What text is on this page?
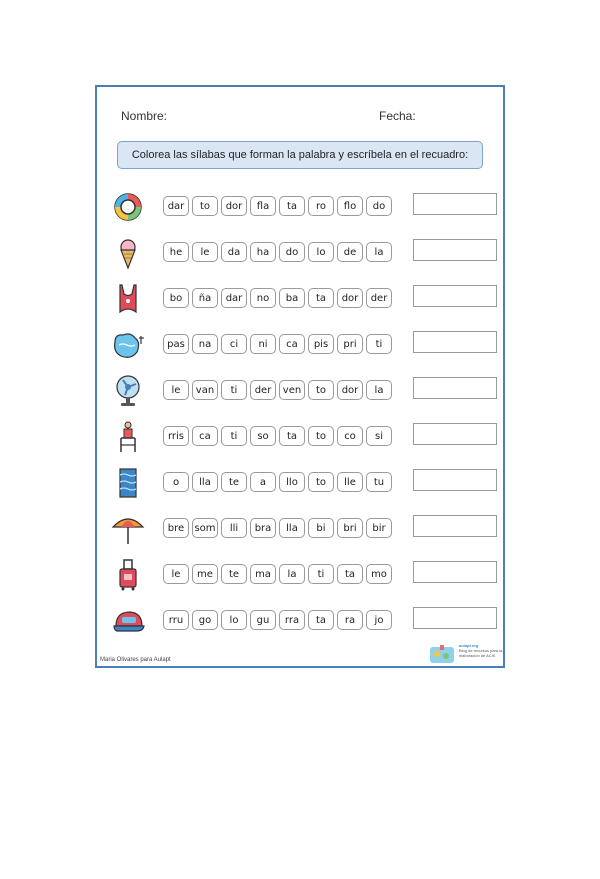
Nombre:	Fecha:
Colorea las sílabas que forman la palabra y escríbela en el recuadro:
dar	to	dor	fla	ta	ro	flo	do
he	le	da	ha	do	lo	de	la
bo	ña	dar	no	ba	ta	dor	der
pas	na	ci	ni	ca	pis	pri	ti
le	van	ti	der	ven	to	dor	la
rris	ca	ti	so	ta	to	co	si
o	lla	te	a	llo	to	lle	tu
bre	som	lli	bra	lla	bi	bri	bir
le	me	te	ma	la	ti	ta	mo
rru	go	lo	gu	rra	ta	ra	jo
Maria Olivares para Aulapt
aulapt.org
Blog de recursos para la elaboración de ACIS
